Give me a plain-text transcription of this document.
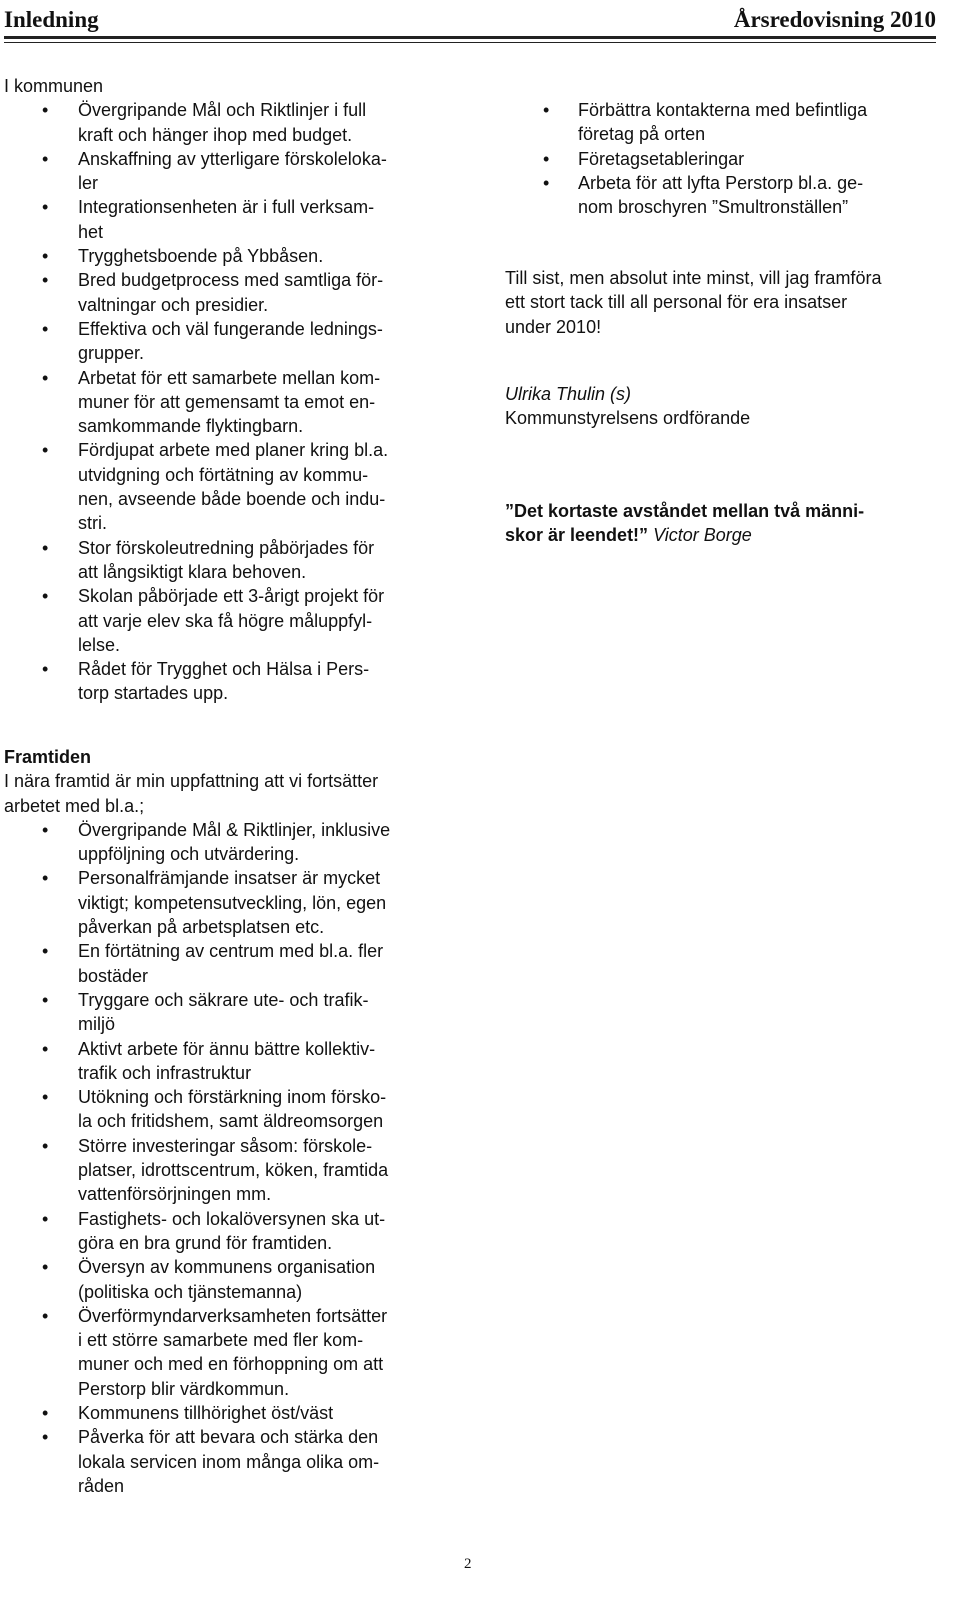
Inledning	Årsredovisning 2010

I kommunen

• Övergripande Mål och Riktlinjer i full
kraft och hänger ihop med budget.
• Anskaffning av ytterligare förskoleloka-
ler
• Integrationsenheten är i full verksam-
het
• Trygghetsboende på Ybbåsen.
• Bred budgetprocess med samtliga för-
valtningar och presidier.
• Effektiva och väl fungerande lednings-
grupper.
• Arbetat för ett samarbete mellan kom-
muner för att gemensamt ta emot en-
samkommande flyktingbarn.
• Fördjupat arbete med planer kring bl.a.
utvidgning och förtätning av kommu-
nen, avseende både boende och indu-
stri.
• Stor förskoleutredning påbörjades för
att långsiktigt klara behoven.
• Skolan påbörjade ett 3-årigt projekt för
att varje elev ska få högre måluppfyl-
lelse.
• Rådet för Trygghet och Hälsa i Pers-
torp startades upp.
• Förbättra kontakterna med befintliga
företag på orten
• Företagsetableringar
• Arbeta för att lyfta Perstorp bl.a. ge-
nom broschyren ”Smultronställen”
Till sist, men absolut inte minst, vill jag framföra
ett stort tack till all personal för era insatser
under 2010!

Ulrika Thulin (s)

Kommunstyrelsens ordförande

”Det kortaste avståndet mellan två männi-

skor är leendet!” Victor Borge

Framtiden

I nära framtid är min uppfattning att vi fortsätter
arbetet med bl.a.;
• Övergripande Mål & Riktlinjer, inklusive
uppföljning och utvärdering.
• Personalfrämjande insatser är mycket
viktigt; kompetensutveckling, lön, egen
påverkan på arbetsplatsen etc.
• En förtätning av centrum med bl.a. fler
bostäder
• Tryggare och säkrare ute- och trafik-
miljö
• Aktivt arbete för ännu bättre kollektiv-
trafik och infrastruktur
• Utökning och förstärkning inom försko-
la och fritidshem, samt äldreomsorgen
• Större investeringar såsom: förskole-
platser, idrottscentrum, köken, framtida
vattenförsörjningen mm.
• Fastighets- och lokalöversynen ska ut-
göra en bra grund för framtiden.
• Översyn av kommunens organisation
(politiska och tjänstemanna)
• Överförmyndarverksamheten fortsätter
i ett större samarbete med fler kom-
muner och med en förhoppning om att
Perstorp blir värdkommun.
• Kommunens tillhörighet öst/väst
• Påverka för att bevara och stärka den
lokala servicen inom många olika om-
råden
2
